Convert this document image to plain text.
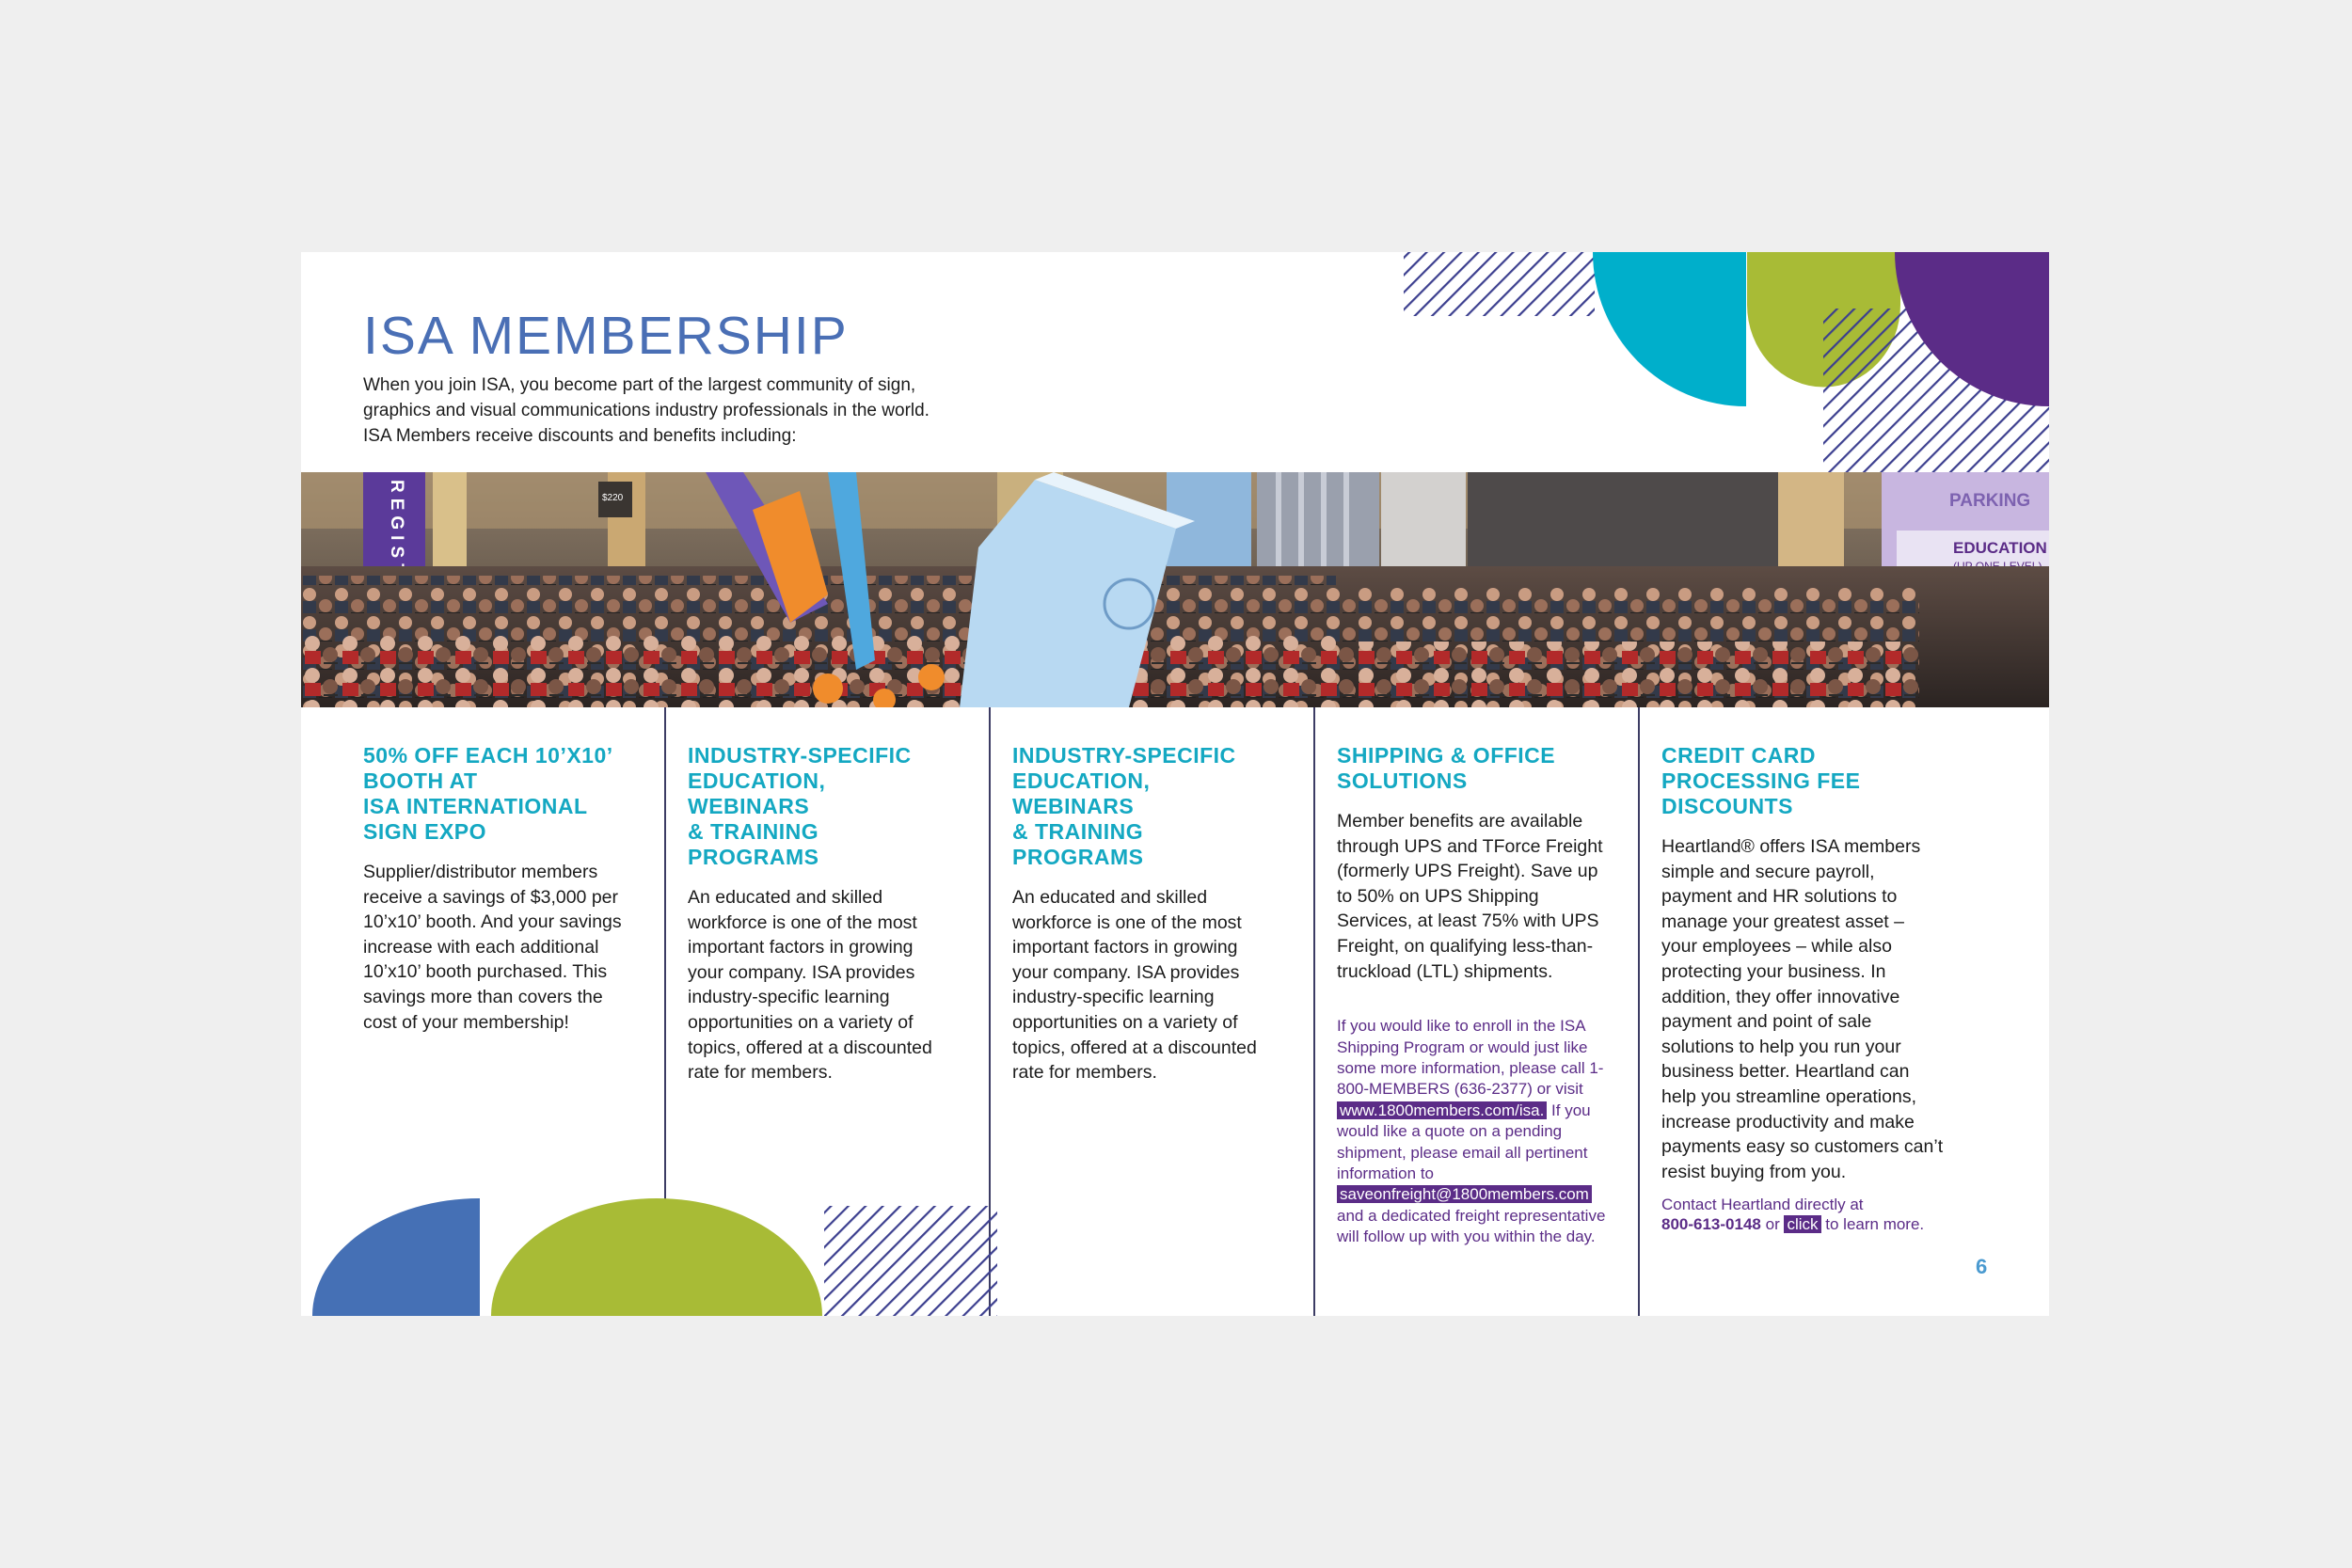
ISA MEMBERSHIP
When you join ISA, you become part of the largest community of sign,
graphics and visual communications industry professionals in the world.
ISA Members receive discounts and benefits including:
$220	PARKING
EDUCATION
50% OFF EACH 10’X10’
BOOTH AT
ISA INTERNATIONAL
SIGN EXPO

Supplier/distributor members receive a savings of $3,000 per 10’x10’ booth. And your savings increase with each additional 10’x10’ booth purchased. This savings more than covers the cost of your membership!

INDUSTRY-SPECIFIC
EDUCATION, WEBINARS
& TRAINING PROGRAMS

An educated and skilled workforce is one of the most important factors in growing your company. ISA provides industry-specific learning opportunities on a variety of topics, offered at a discounted rate for members.

INDUSTRY-SPECIFIC
EDUCATION, WEBINARS
& TRAINING PROGRAMS

An educated and skilled workforce is one of the most important factors in growing your company. ISA provides industry-specific learning opportunities on a variety of topics, offered at a discounted rate for members.

SHIPPING & OFFICE
SOLUTIONS

Member benefits are available through UPS and TForce Freight (formerly UPS Freight). Save up to 50% on UPS Shipping Services, at least 75% with UPS Freight, on qualifying less-than-truckload (LTL) shipments.

If you would like to enroll in the ISA Shipping Program or would just like some more information, please call 1-800-MEMBERS (636-2377) or visit www.1800members.com/isa. If you would like a quote on a pending shipment, please email all pertinent information to saveonfreight@1800members.com and a dedicated freight representative will follow up with you within the day.

CREDIT CARD
PROCESSING FEE
DISCOUNTS

Heartland® offers ISA members simple and secure payroll, payment and HR solutions to manage your greatest asset – your employees – while also protecting your business. In addition, they offer innovative payment and point of sale solutions to help you run your business better. Heartland can help you streamline operations, increase productivity and make payments easy so customers can’t resist buying from you.

Contact Heartland directly at
800-613-0148 or click to learn more.

6
